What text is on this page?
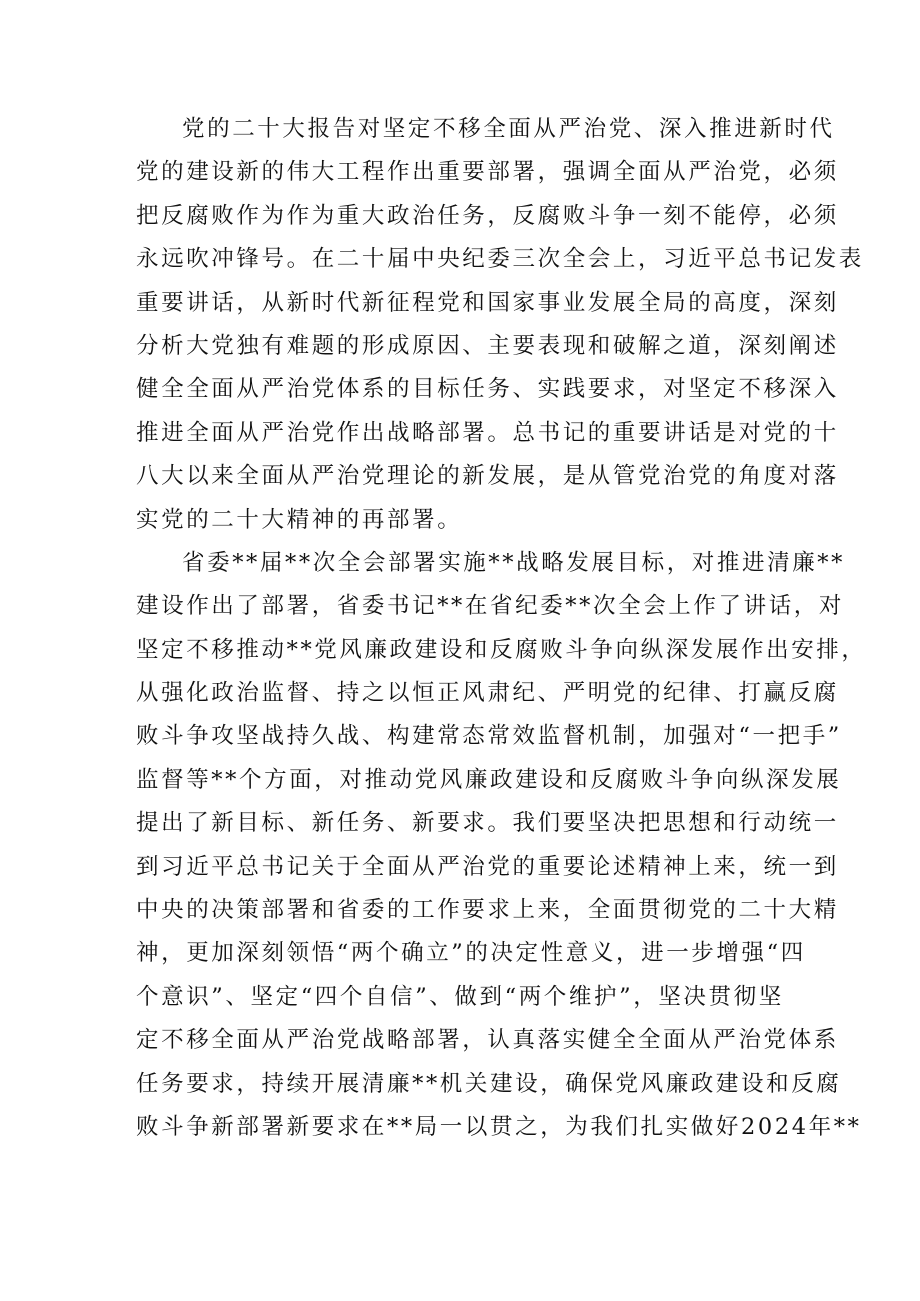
党的二十大报告对坚定不移全面从严治党、深入推进新时代
党的建设新的伟大工程作出重要部署，强调全面从严治党，必须
把反腐败作为作为重大政治任务，反腐败斗争一刻不能停，必须
永远吹冲锋号。在二十届中央纪委三次全会上，习近平总书记发表
重要讲话，从新时代新征程党和国家事业发展全局的高度，深刻
分析大党独有难题的形成原因、主要表现和破解之道，深刻阐述
健全全面从严治党体系的目标任务、实践要求，对坚定不移深入
推进全面从严治党作出战略部署。总书记的重要讲话是对党的十
八大以来全面从严治党理论的新发展，是从管党治党的角度对落
实党的二十大精神的再部署。
省委**届**次全会部署实施**战略发展目标，对推进清廉**
建设作出了部署，省委书记**在省纪委**次全会上作了讲话，对
坚定不移推动**党风廉政建设和反腐败斗争向纵深发展作出安排，
从强化政治监督、持之以恒正风肃纪、严明党的纪律、打赢反腐
败斗争攻坚战持久战、构建常态常效监督机制，加强对“一把手”
监督等**个方面，对推动党风廉政建设和反腐败斗争向纵深发展
提出了新目标、新任务、新要求。我们要坚决把思想和行动统一
到习近平总书记关于全面从严治党的重要论述精神上来，统一到
中央的决策部署和省委的工作要求上来，全面贯彻党的二十大精
神，更加深刻领悟“两个确立”的决定性意义，进一步增强“四
个意识”、坚定“四个自信”、做到“两个维护”，坚决贯彻坚
定不移全面从严治党战略部署，认真落实健全全面从严治党体系
任务要求，持续开展清廉**机关建设，确保党风廉政建设和反腐
败斗争新部署新要求在**局一以贯之，为我们扎实做好2024年**
